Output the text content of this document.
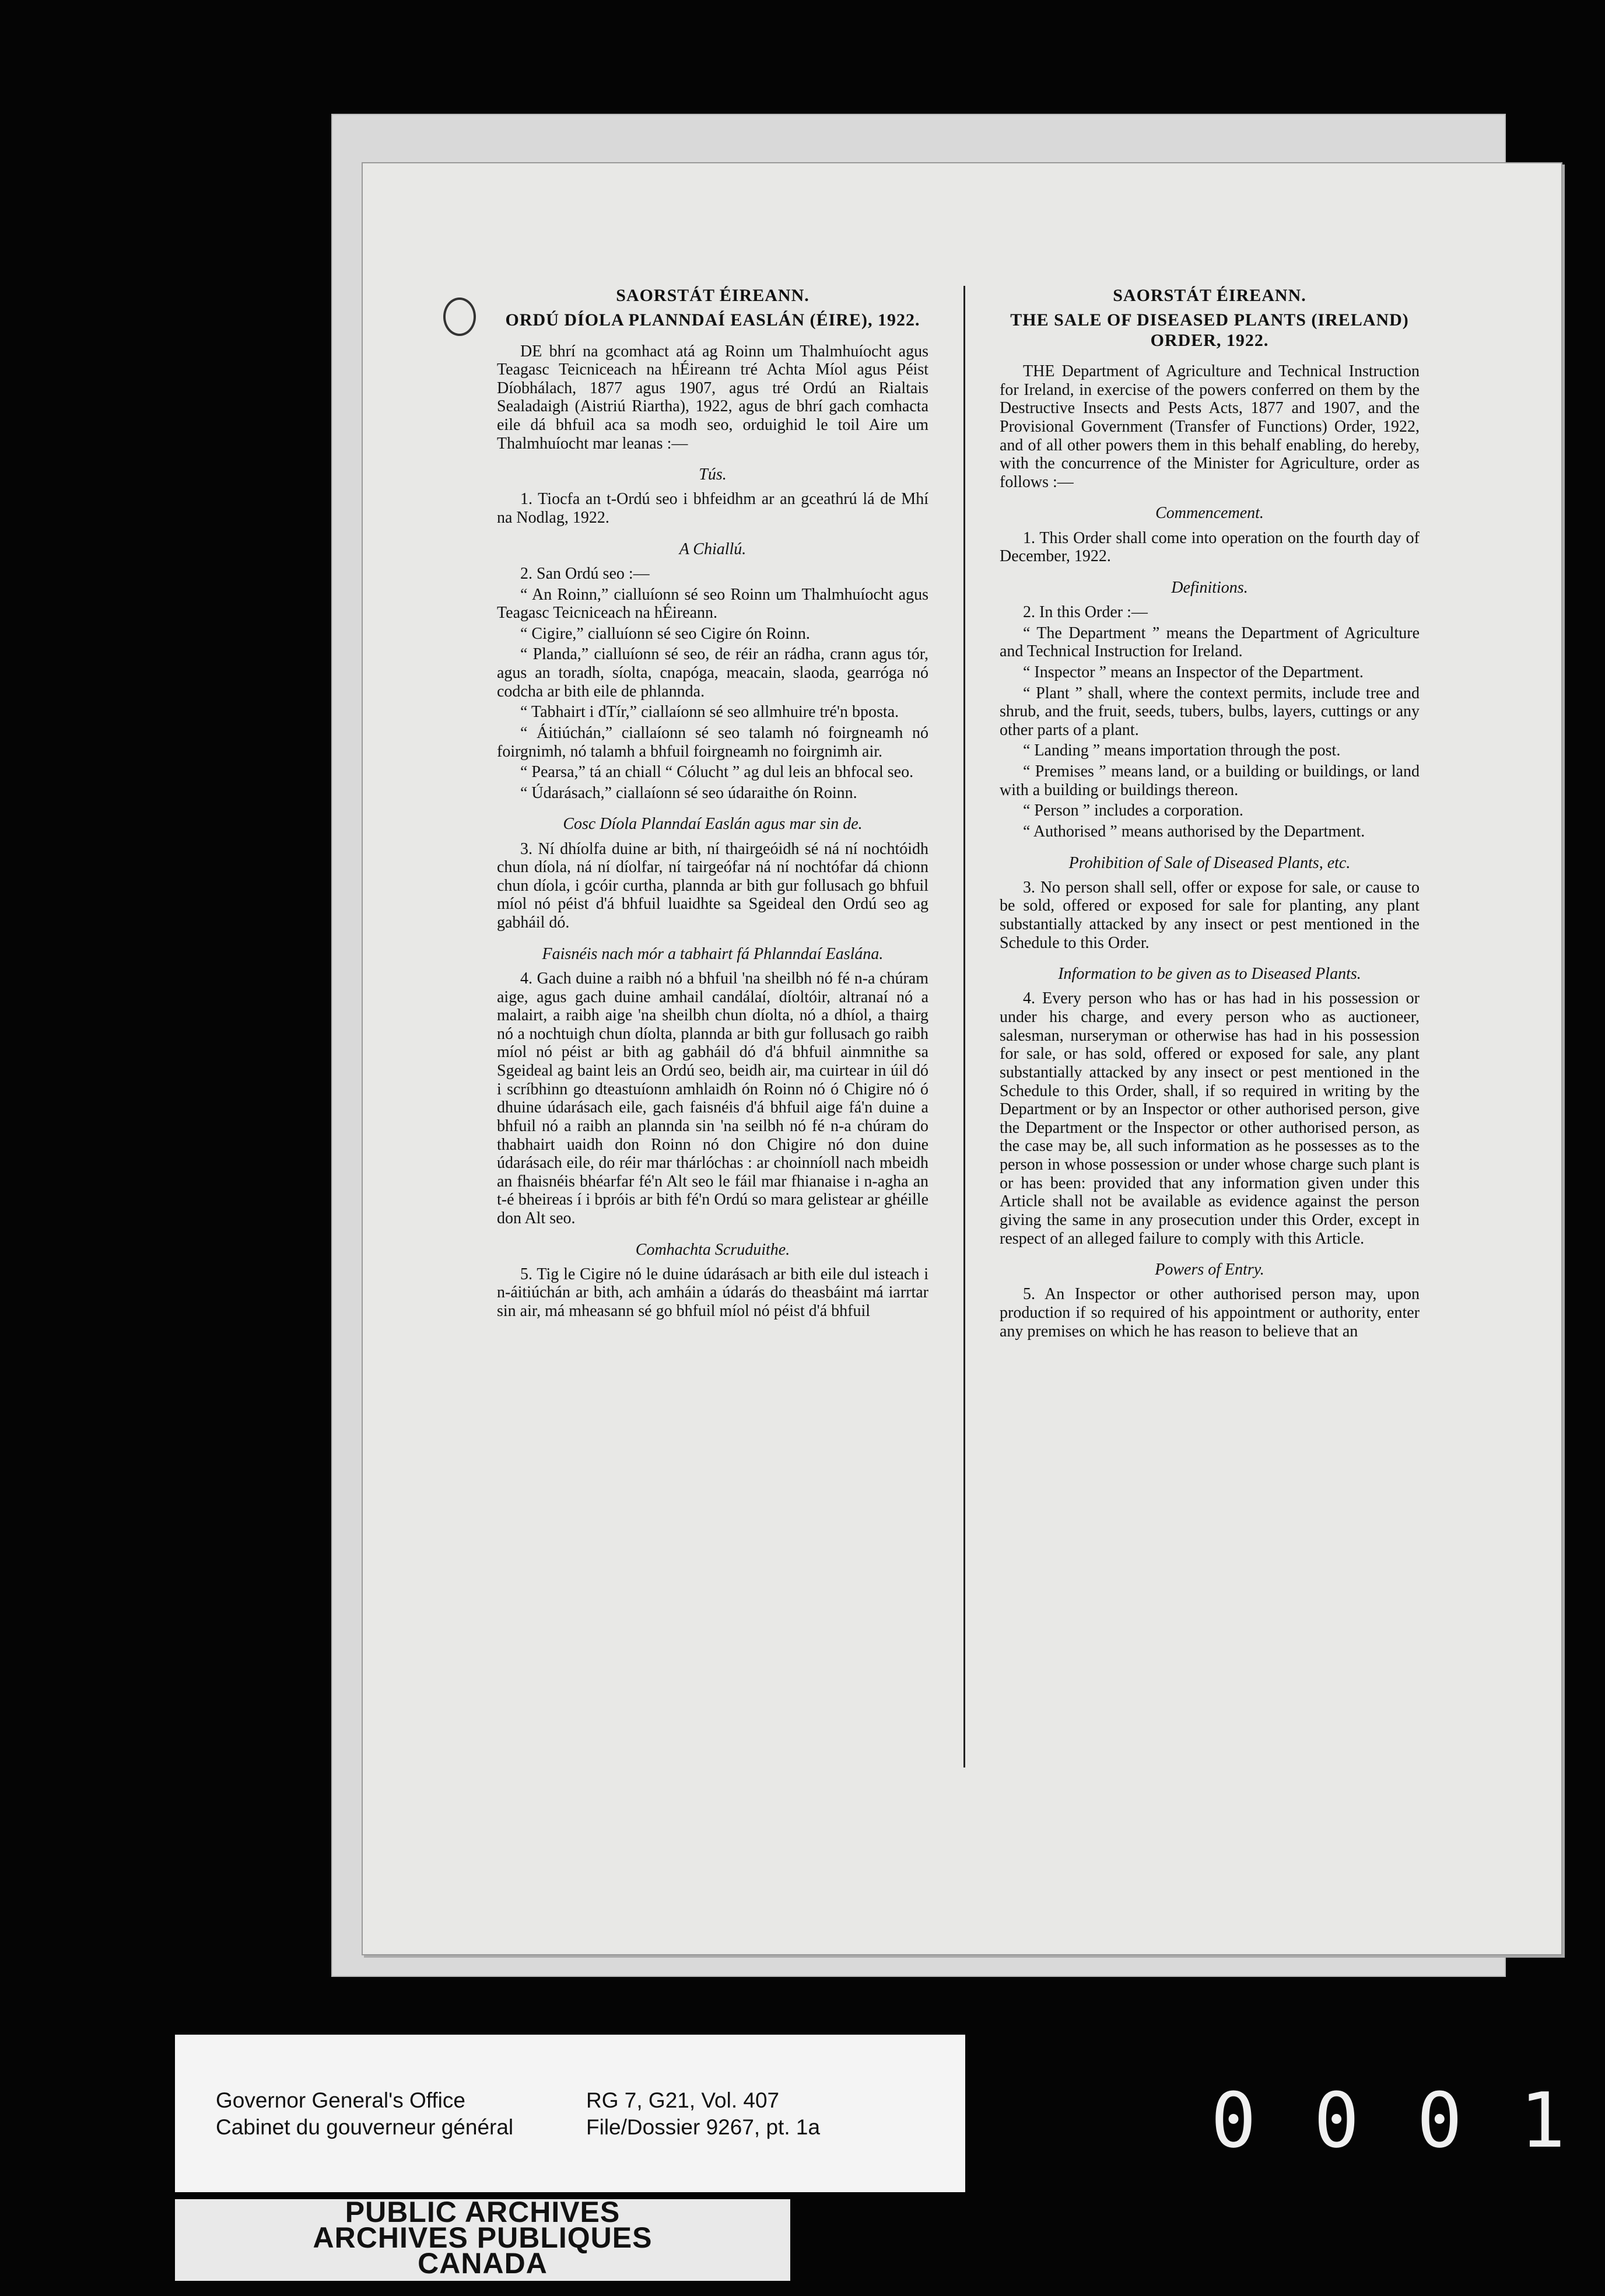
SAORSTÁT ÉIREANN.
ORDÚ DÍOLA PLANNDAÍ EASLÁN (ÉIRE), 1922.

DE bhrí na gcomhact atá ag Roinn um Thalmhuíocht agus Teagasc Teicniceach na hÉireann tré Achta Míol agus Péist Díobhálach, 1877 agus 1907, agus tré Ordú an Rialtais Sealadaigh (Aistriú Riartha), 1922, agus de bhrí gach comhacta eile dá bhfuil aca sa modh seo, orduighid le toil Aire um Thalmhuíocht mar leanas :—

Tús.

1. Tiocfa an t-Ordú seo i bhfeidhm ar an gceathrú lá de Mhí na Nodlag, 1922.

A Chiallú.

2. San Ordú seo :—

“ An Roinn,” cialluíonn sé seo Roinn um Thalmhuíocht agus Teagasc Teicniceach na hÉireann.

“ Cigire,” cialluíonn sé seo Cigire ón Roinn.

“ Planda,” cialluíonn sé seo, de réir an rádha, crann agus tór, agus an toradh, síolta, cnapóga, meacain, slaoda, gearróga nó codcha ar bith eile de phlannda.

“ Tabhairt i dTír,” ciallaíonn sé seo allmhuire tré'n bposta.

“ Áitiúchán,” ciallaíonn sé seo talamh nó foirgneamh nó foirgnimh, nó talamh a bhfuil foirgneamh no foirgnimh air.

“ Pearsa,” tá an chiall “ Cólucht ” ag dul leis an bhfocal seo.

“ Údarásach,” ciallaíonn sé seo údaraithe ón Roinn.

Cosc Díola Planndaí Easlán agus mar sin de.

3. Ní dhíolfa duine ar bith, ní thairgeóidh sé ná ní nochtóidh chun díola, ná ní díolfar, ní tairgeófar ná ní nochtófar dá chionn chun díola, i gcóir curtha, plannda ar bith gur follusach go bhfuil míol nó péist d'á bhfuil luaidhte sa Sgeideal den Ordú seo ag gabháil dó.

Faisnéis nach mór a tabhairt fá Phlanndaí Easlána.

4. Gach duine a raibh nó a bhfuil 'na sheilbh nó fé n-a chúram aige, agus gach duine amhail candálaí, díoltóir, altranaí nó a malairt, a raibh aige 'na sheilbh chun díolta, nó a dhíol, a thairg nó a nochtuigh chun díolta, plannda ar bith gur follusach go raibh míol nó péist ar bith ag gabháil dó d'á bhfuil ainmnithe sa Sgeideal ag baint leis an Ordú seo, beidh air, ma cuirtear in úil dó i scríbhinn go dteastuíonn amhlaidh ón Roinn nó ó Chigire nó ó dhuine údarásach eile, gach faisnéis d'á bhfuil aige fá'n duine a bhfuil nó a raibh an plannda sin 'na seilbh nó fé n-a chúram do thabhairt uaidh don Roinn nó don Chigire nó don duine údarásach eile, do réir mar thárlóchas : ar choinníoll nach mbeidh an fhaisnéis bhéarfar fé'n Alt seo le fáil mar fhianaise i n-agha an t-é bheireas í i bpróis ar bith fé'n Ordú so mara gelistear ar ghéille don Alt seo.

Comhachta Scruduithe.

5. Tig le Cigire nó le duine údarásach ar bith eile dul isteach i n-áitiúchán ar bith, ach amháin a údarás do theasbáint má iarrtar sin air, má mheasann sé go bhfuil míol nó péist d'á bhfuil

SAORSTÁT ÉIREANN.
THE SALE OF DISEASED PLANTS (IRELAND) ORDER, 1922.

THE Department of Agriculture and Technical Instruction for Ireland, in exercise of the powers conferred on them by the Destructive Insects and Pests Acts, 1877 and 1907, and the Provisional Government (Transfer of Functions) Order, 1922, and of all other powers them in this behalf enabling, do hereby, with the concurrence of the Minister for Agriculture, order as follows :—

Commencement.

1. This Order shall come into operation on the fourth day of December, 1922.

Definitions.

2. In this Order :—

“ The Department ” means the Department of Agriculture and Technical Instruction for Ireland.

“ Inspector ” means an Inspector of the Department.

“ Plant ” shall, where the context permits, include tree and shrub, and the fruit, seeds, tubers, bulbs, layers, cuttings or any other parts of a plant.

“ Landing ” means importation through the post.

“ Premises ” means land, or a building or buildings, or land with a building or buildings thereon.

“ Person ” includes a corporation.

“ Authorised ” means authorised by the Department.

Prohibition of Sale of Diseased Plants, etc.

3. No person shall sell, offer or expose for sale, or cause to be sold, offered or exposed for sale for planting, any plant substantially attacked by any insect or pest mentioned in the Schedule to this Order.

Information to be given as to Diseased Plants.

4. Every person who has or has had in his possession or under his charge, and every person who as auctioneer, salesman, nurseryman or otherwise has had in his possession for sale, or has sold, offered or exposed for sale, any plant substantially attacked by any insect or pest mentioned in the Schedule to this Order, shall, if so required in writing by the Department or by an Inspector or other authorised person, give the Department or the Inspector or other authorised person, as the case may be, all such information as he possesses as to the person in whose possession or under whose charge such plant is or has been: provided that any information given under this Article shall not be available as evidence against the person giving the same in any prosecution under this Order, except in respect of an alleged failure to comply with this Article.

Powers of Entry.

5. An Inspector or other authorised person may, upon production if so required of his appointment or authority, enter any premises on which he has reason to believe that an

Governor General's Office
Cabinet du gouverneur général
RG 7, G21, Vol. 407
File/Dossier 9267, pt. 1a
PUBLIC ARCHIVES
ARCHIVES PUBLIQUES
CANADA
0 0 0 1
